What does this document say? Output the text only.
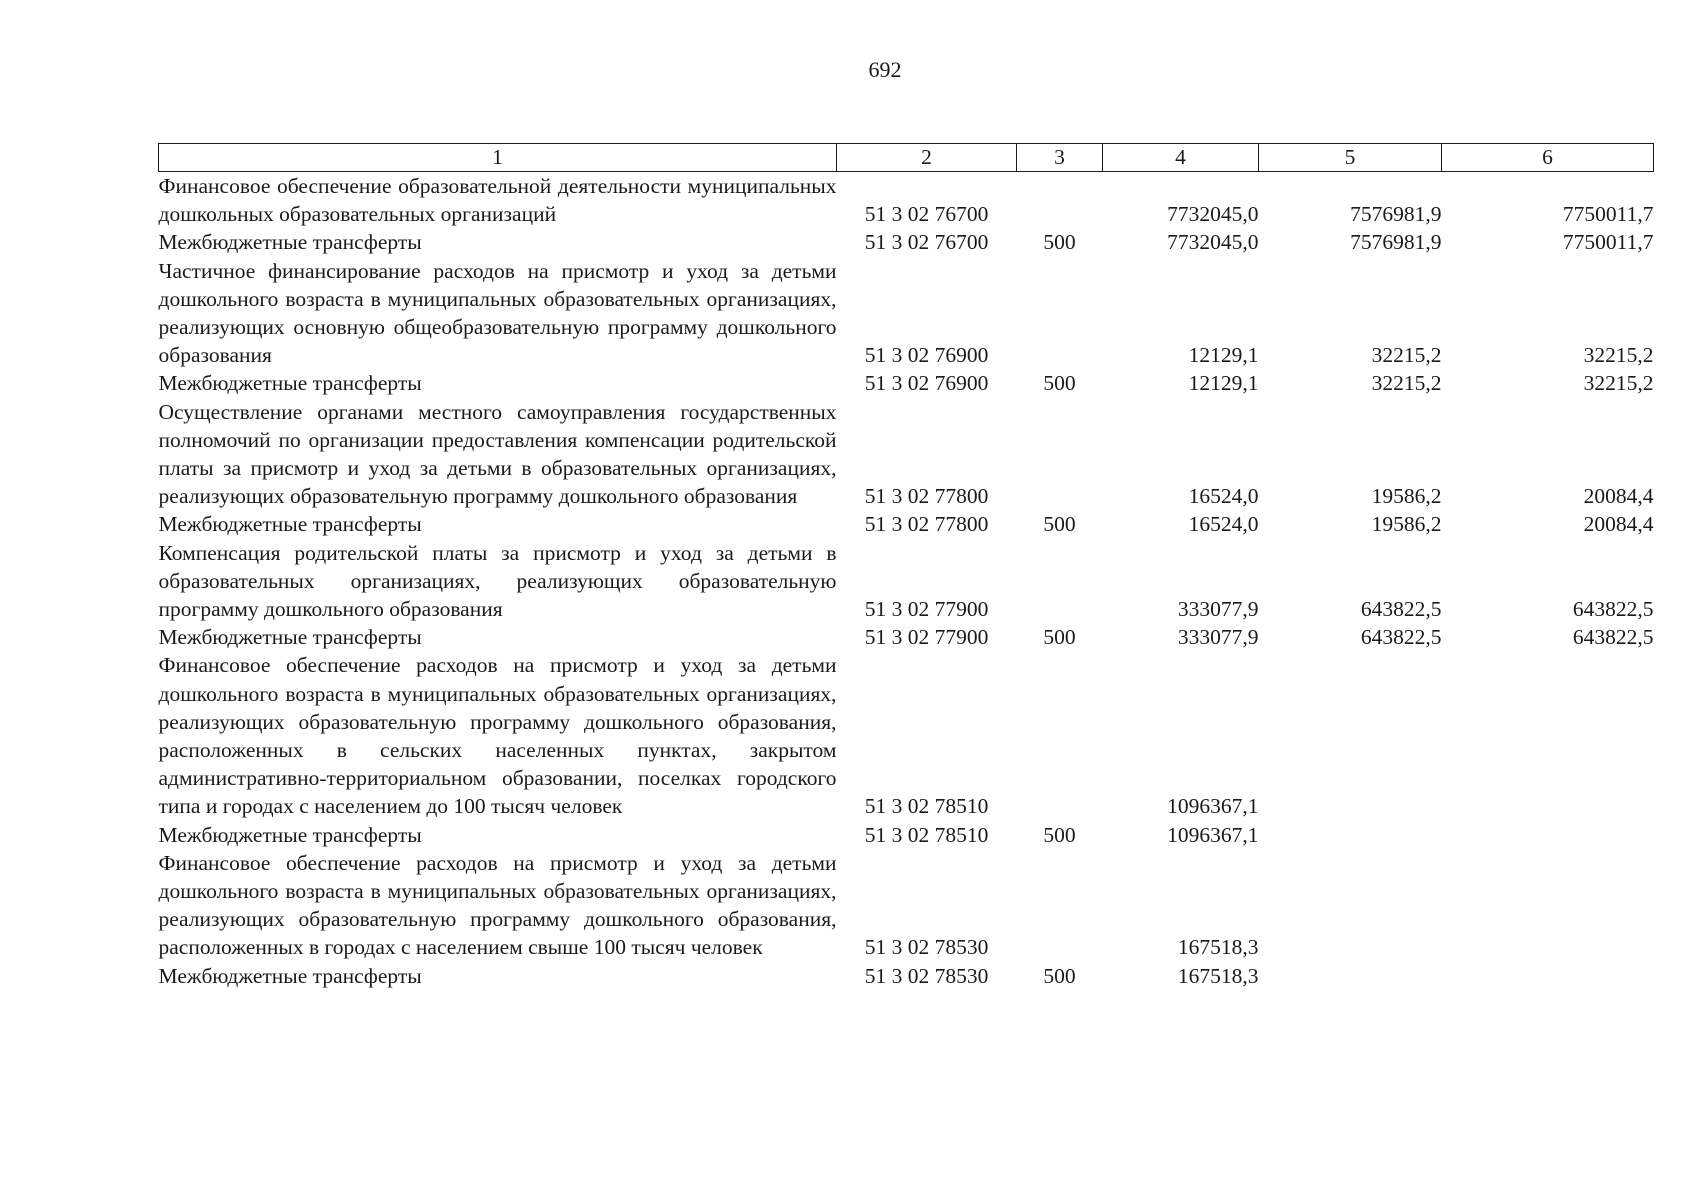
692
1	2	3	4	5	6
Финансовое обеспечение образовательной деятельности муниципальных дошкольных образовательных организаций	51 3 02 76700		7732045,0	7576981,9	7750011,7
Межбюджетные трансферты	51 3 02 76700	500	7732045,0	7576981,9	7750011,7
Частичное финансирование расходов на присмотр и уход за детьми дошкольного возраста в муниципальных образовательных организациях, реализующих основную общеобразовательную программу дошкольного образования	51 3 02 76900		12129,1	32215,2	32215,2
Межбюджетные трансферты	51 3 02 76900	500	12129,1	32215,2	32215,2
Осуществление органами местного самоуправления государственных полномочий по организации предоставления компенсации родительской платы за присмотр и уход за детьми в образовательных организациях, реализующих образовательную программу дошкольного образования	51 3 02 77800		16524,0	19586,2	20084,4
Межбюджетные трансферты	51 3 02 77800	500	16524,0	19586,2	20084,4
Компенсация родительской платы за присмотр и уход за детьми в образовательных организациях, реализующих образовательную программу дошкольного образования	51 3 02 77900		333077,9	643822,5	643822,5
Межбюджетные трансферты	51 3 02 77900	500	333077,9	643822,5	643822,5
Финансовое обеспечение расходов на присмотр и уход за детьми дошкольного возраста в муниципальных образовательных организациях, реализующих образовательную программу дошкольного образования, расположенных в сельских населенных пунктах, закрытом административно-территориальном образовании, поселках городского типа и городах с населением до 100 тысяч человек	51 3 02 78510		1096367,1		
Межбюджетные трансферты	51 3 02 78510	500	1096367,1		
Финансовое обеспечение расходов на присмотр и уход за детьми дошкольного возраста в муниципальных образовательных организациях, реализующих образовательную программу дошкольного образования, расположенных в городах с населением свыше 100 тысяч человек	51 3 02 78530		167518,3		
Межбюджетные трансферты	51 3 02 78530	500	167518,3		
